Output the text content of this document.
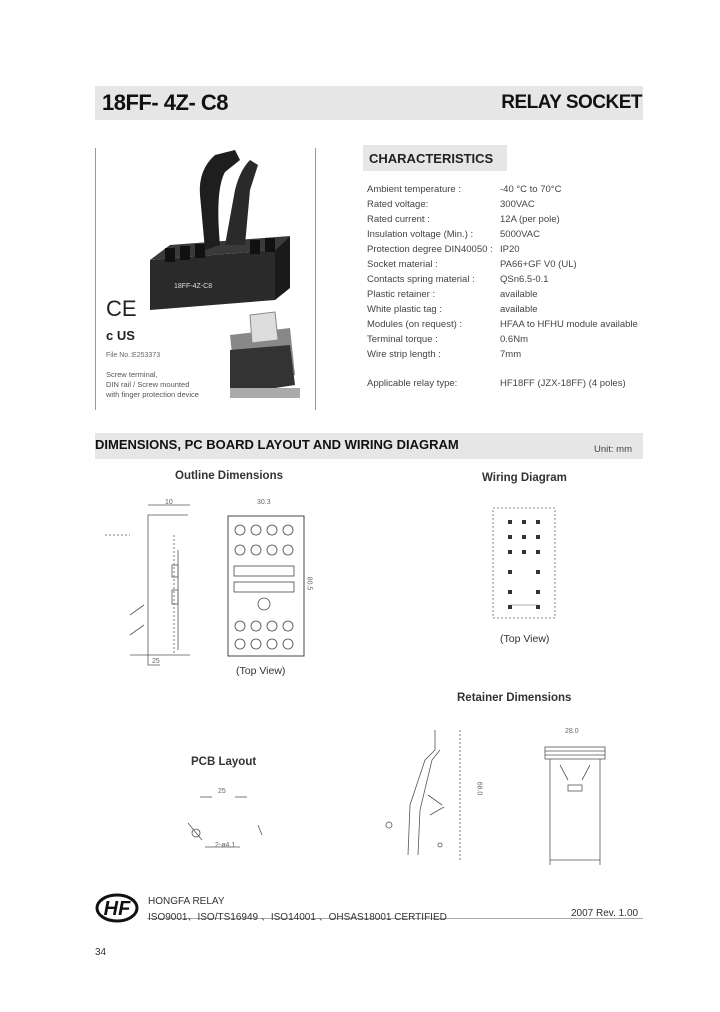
18FF- 4Z- C8	RELAY SOCKET
18FF-4Z-C8
CE
c US
File No.:E253373
Screw terminal,
DIN rail / Screw mounted
with finger protection device
CHARACTERISTICS
Ambient temperature :	-40 °C to 70°C
Rated voltage:	300VAC
Rated current :	12A (per pole)
Insulation voltage (Min.) :	5000VAC
Protection degree DIN40050 : IP20
Socket material :	PA66+GF V0 (UL)
Contacts spring material :	QSn6.5-0.1
Plastic retainer :	available
White plastic tag :	available
Modules (on request) :	HFAA to HFHU module available
Terminal torque :	0.6Nm
Wire strip length :	7mm
Applicable relay type:	HF18FF (JZX-18FF) (4 poles)
DIMENSIONS, PC BOARD LAYOUT AND WIRING DIAGRAM	Unit: mm
Outline Dimensions	Wiring Diagram
10
25
30.3
80.5
(Top View)
(Top View)
Retainer Dimensions
68.0
28.0
PCB Layout
25
2-ø4.1
HF HONGFA RELAY
ISO9001、ISO/TS16949 、ISO14001 、OHSAS18001 CERTIFIED	2007 Rev. 1.00
34
